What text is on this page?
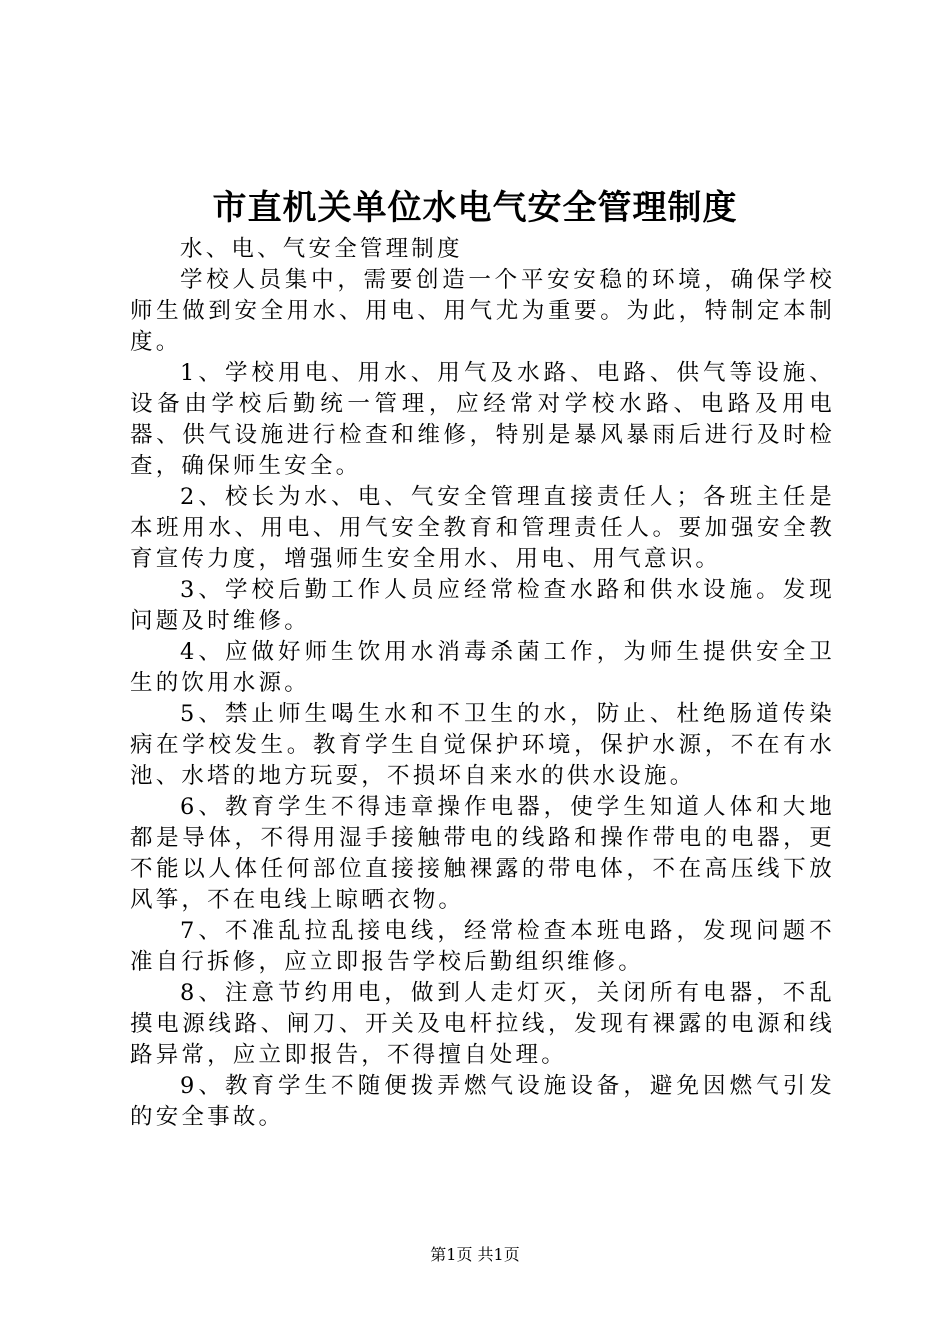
市直机关单位水电气安全管理制度

水、电、气安全管理制度

学校人员集中，需要创造一个平安安稳的环境，确保学校师生做到安全用水、用电、用气尤为重要。为此，特制定本制度。

1、学校用电、用水、用气及水路、电路、供气等设施、设备由学校后勤统一管理，应经常对学校水路、电路及用电器、供气设施进行检查和维修，特别是暴风暴雨后进行及时检查，确保师生安全。

2、校长为水、电、气安全管理直接责任人；各班主任是本班用水、用电、用气安全教育和管理责任人。要加强安全教育宣传力度，增强师生安全用水、用电、用气意识。

3、学校后勤工作人员应经常检查水路和供水设施。发现问题及时维修。

4、应做好师生饮用水消毒杀菌工作，为师生提供安全卫生的饮用水源。

5、禁止师生喝生水和不卫生的水，防止、杜绝肠道传染病在学校发生。教育学生自觉保护环境，保护水源，不在有水池、水塔的地方玩耍，不损坏自来水的供水设施。

6、教育学生不得违章操作电器，使学生知道人体和大地都是导体，不得用湿手接触带电的线路和操作带电的电器，更不能以人体任何部位直接接触裸露的带电体，不在高压线下放风筝，不在电线上晾晒衣物。

7、不准乱拉乱接电线，经常检查本班电路，发现问题不准自行拆修，应立即报告学校后勤组织维修。

8、注意节约用电，做到人走灯灭，关闭所有电器，不乱摸电源线路、闸刀、开关及电杆拉线，发现有裸露的电源和线路异常，应立即报告，不得擅自处理。

9、教育学生不随便拨弄燃气设施设备，避免因燃气引发的安全事故。

第1页 共1页
